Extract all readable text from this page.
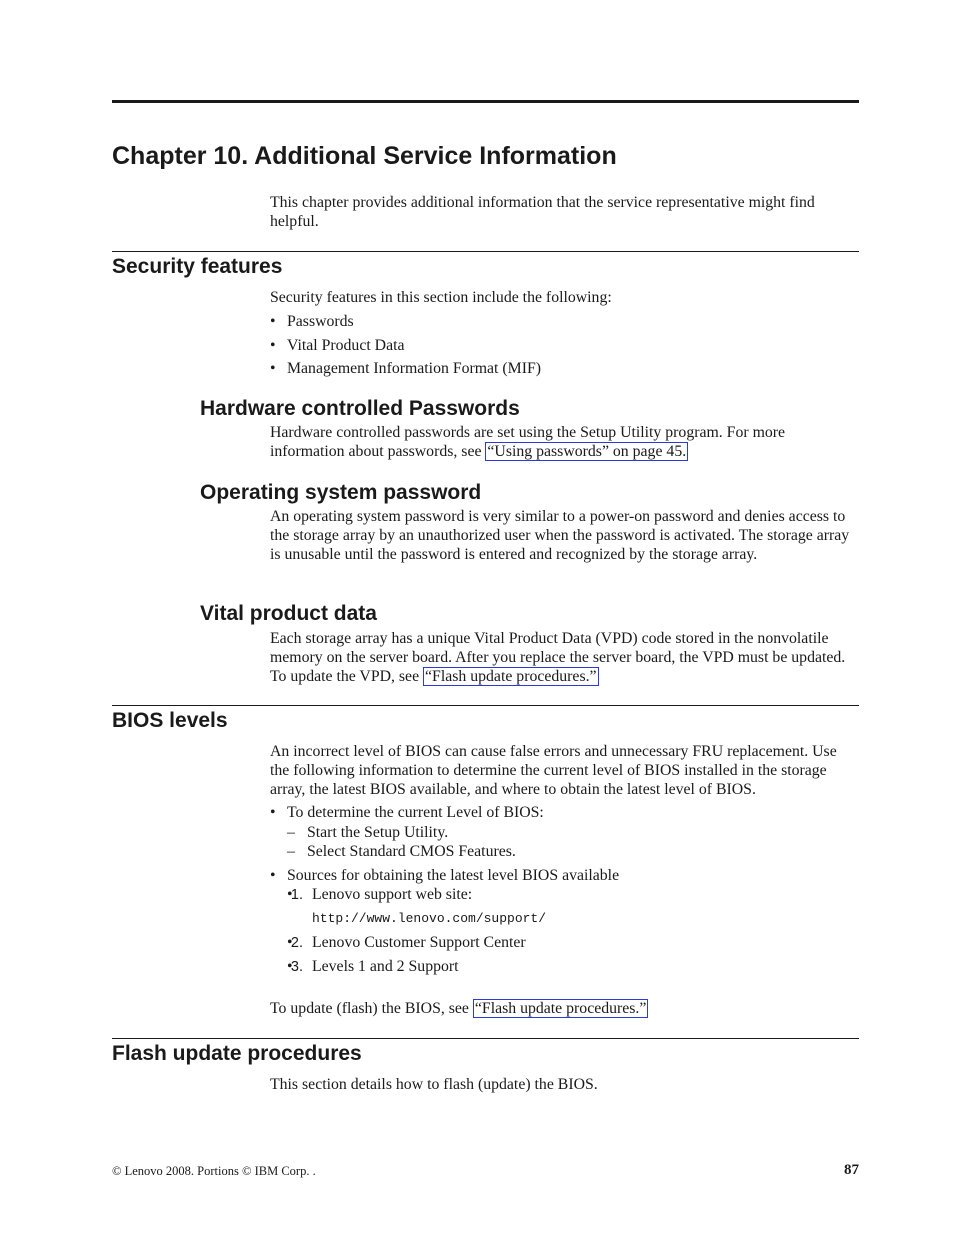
Chapter 10. Additional Service Information

This chapter provides additional information that the service representative might find helpful.

Security features

Security features in this section include the following:

• Passwords
• Vital Product Data
• Management Information Format (MIF)
Hardware controlled Passwords

Hardware controlled passwords are set using the Setup Utility program. For more information about passwords, see “Using passwords” on page 45.

Operating system password

An operating system password is very similar to a power-on password and denies access to the storage array by an unauthorized user when the password is activated. The storage array is unusable until the password is entered and recognized by the storage array.

Vital product data

Each storage array has a unique Vital Product Data (VPD) code stored in the nonvolatile memory on the server board. After you replace the server board, the VPD must be updated. To update the VPD, see “Flash update procedures.”

BIOS levels

An incorrect level of BIOS can cause false errors and unnecessary FRU replacement. Use the following information to determine the current level of BIOS installed in the storage array, the latest BIOS available, and where to obtain the latest level of BIOS.

• To determine the current Level of BIOS:
– Start the Setup Utility.
– Select Standard CMOS Features.
• Sources for obtaining the latest level BIOS available
• 1. Lenovo support web site:
http://www.lenovo.com/support/
• 2. Lenovo Customer Support Center
• 3. Levels 1 and 2 Support

To update (flash) the BIOS, see “Flash update procedures.”

Flash update procedures

This section details how to flash (update) the BIOS.

© Lenovo 2008. Portions © IBM Corp. .	87
